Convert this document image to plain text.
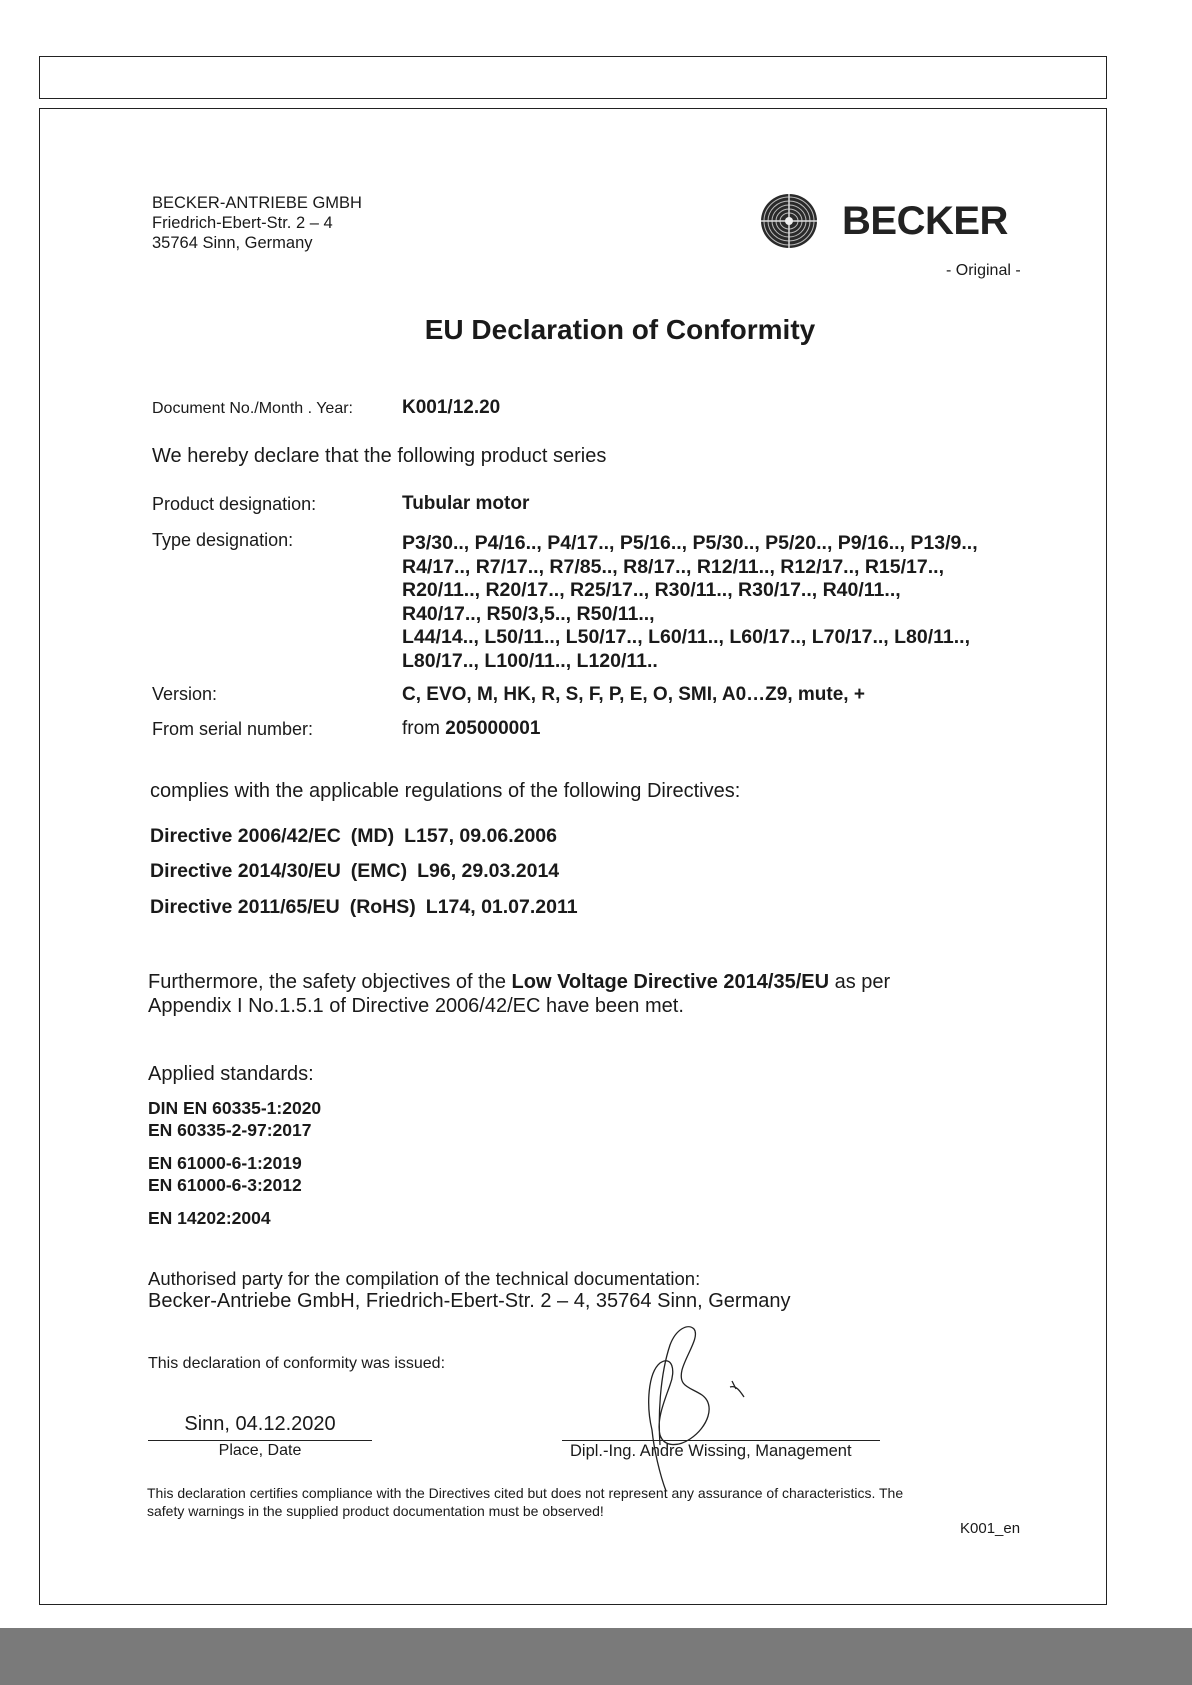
BECKER-ANTRIEBE GMBH
Friedrich-Ebert-Str. 2 – 4
35764 Sinn, Germany
BECKER
- Original -
EU Declaration of Conformity
Document No./Month . Year:	K001/12.20
We hereby declare that the following product series
Product designation:	Tubular motor
Type designation:	P3/30.., P4/16.., P4/17.., P5/16.., P5/30.., P5/20.., P9/16.., P13/9..,
R4/17.., R7/17.., R7/85.., R8/17.., R12/11.., R12/17.., R15/17..,
R20/11.., R20/17.., R25/17.., R30/11.., R30/17.., R40/11..,
R40/17.., R50/3,5.., R50/11..,
L44/14.., L50/11.., L50/17.., L60/11.., L60/17.., L70/17.., L80/11..,
L80/17.., L100/11.., L120/11..
Version:	C, EVO, M, HK, R, S, F, P, E, O, SMI, A0…Z9, mute, +
From serial number:	from 205000001
complies with the applicable regulations of the following Directives:
Directive 2006/42/EC (MD) L157, 09.06.2006
Directive 2014/30/EU (EMC) L96, 29.03.2014
Directive 2011/65/EU (RoHS) L174, 01.07.2011
Furthermore, the safety objectives of the Low Voltage Directive 2014/35/EU as per
Appendix I No.1.5.1 of Directive 2006/42/EC have been met.
Applied standards:
DIN EN 60335-1:2020
EN 60335-2-97:2017
EN 61000-6-1:2019
EN 61000-6-3:2012
EN 14202:2004
Authorised party for the compilation of the technical documentation:
Becker-Antriebe GmbH, Friedrich-Ebert-Str. 2 – 4, 35764 Sinn, Germany
This declaration of conformity was issued:
Sinn, 04.12.2020
Place, Date	Dipl.-Ing. Andre Wissing, Management
This declaration certifies compliance with the Directives cited but does not represent any assurance of characteristics. The
safety warnings in the supplied product documentation must be observed!
K001_en
